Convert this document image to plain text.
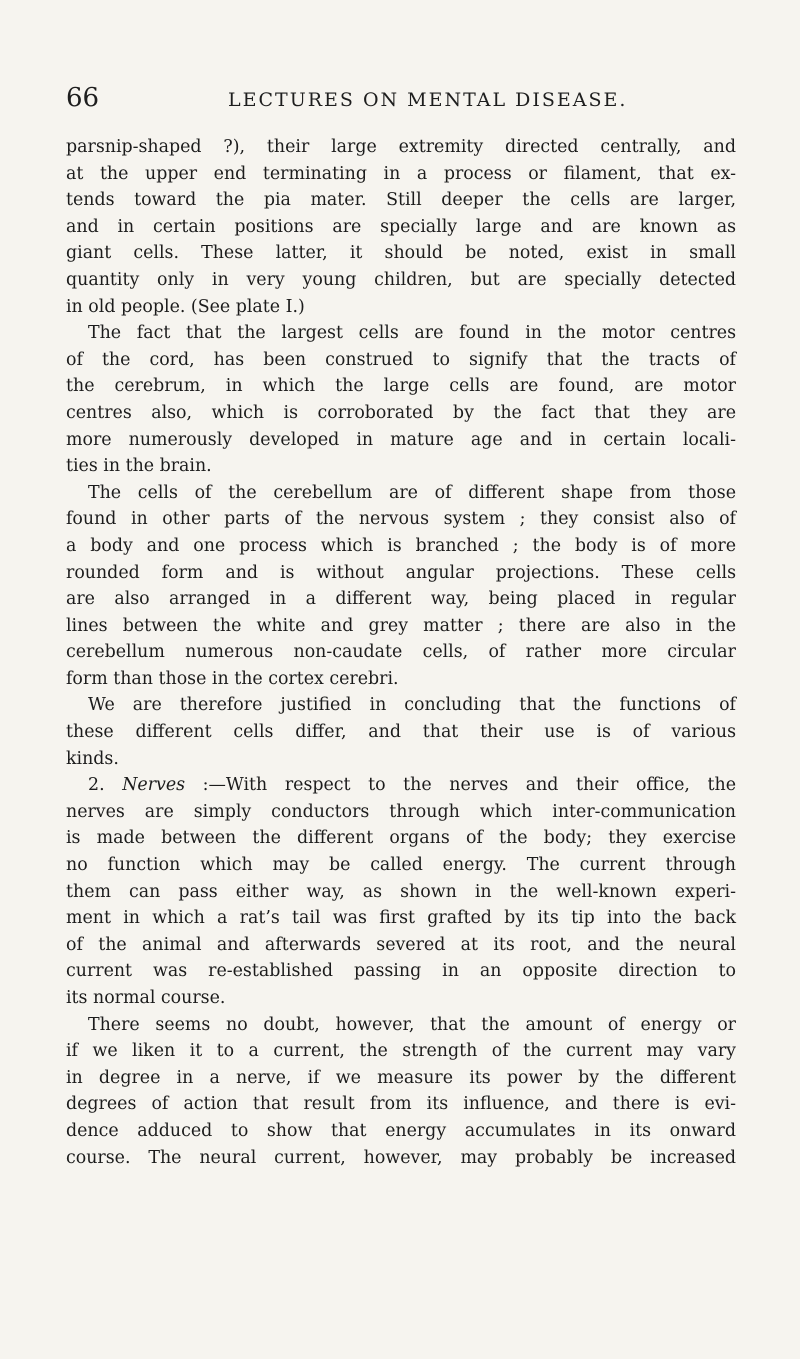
66	LECTURES ON MENTAL DISEASE.
parsnip-shaped ?), their large extremity directed centrally, and
at the upper end terminating in a process or filament, that ex-
tends toward the pia mater. Still deeper the cells are larger,
and in certain positions are specially large and are known as
giant cells. These latter, it should be noted, exist in small
quantity only in very young children, but are specially detected
in old people. (See plate I.)
The fact that the largest cells are found in the motor centres
of the cord, has been construed to signify that the tracts of
the cerebrum, in which the large cells are found, are motor
centres also, which is corroborated by the fact that they are
more numerously developed in mature age and in certain locali-
ties in the brain.
The cells of the cerebellum are of different shape from those
found in other parts of the nervous system ; they consist also of
a body and one process which is branched ; the body is of more
rounded form and is without angular projections. These cells
are also arranged in a different way, being placed in regular
lines between the white and grey matter ; there are also in the
cerebellum numerous non-caudate cells, of rather more circular
form than those in the cortex cerebri.
We are therefore justified in concluding that the functions of
these different cells differ, and that their use is of various
kinds.
2. Nerves :—With respect to the nerves and their office, the
nerves are simply conductors through which inter-communication
is made between the different organs of the body; they exercise
no function which may be called energy. The current through
them can pass either way, as shown in the well-known experi-
ment in which a rat’s tail was first grafted by its tip into the back
of the animal and afterwards severed at its root, and the neural
current was re-established passing in an opposite direction to
its normal course.
There seems no doubt, however, that the amount of energy or
if we liken it to a current, the strength of the current may vary
in degree in a nerve, if we measure its power by the different
degrees of action that result from its influence, and there is evi-
dence adduced to show that energy accumulates in its onward
course. The neural current, however, may probably be increased
